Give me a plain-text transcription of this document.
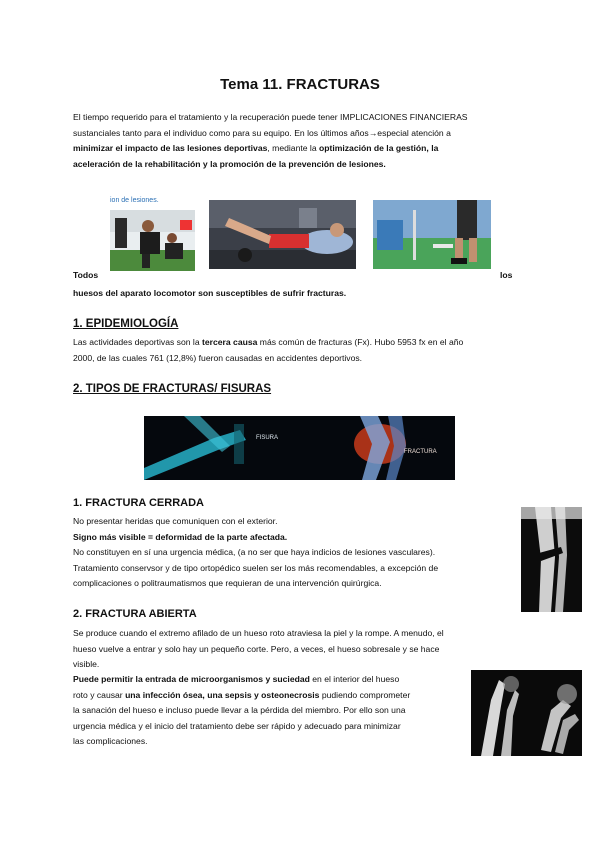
Tema 11. FRACTURAS
El tiempo requerido para el tratamiento y la recuperación puede tener IMPLICACIONES FINANCIERAS
sustanciales tanto para el individuo como para su equipo. En los últimos años→especial atención a
minimizar el impacto de las lesiones deportivas, mediante la optimización de la gestión, la
aceleración de la rehabilitación y la promoción de la prevención de lesiones.
ion de lesiones.
Todos	los
huesos del aparato locomotor son susceptibles de sufrir fracturas.
1. EPIDEMIOLOGÍA
Las actividades deportivas son la tercera causa más común de fracturas (Fx). Hubo 5953 fx en el año
2000, de las cuales 761 (12,8%) fueron causadas en accidentes deportivos.
2. TIPOS DE FRACTURAS/ FISURAS
FISURA
FRACTURA
1. FRACTURA CERRADA
No presentar heridas que comuniquen con el exterior.
Signo más visible = deformidad de la parte afectada.
No constituyen en sí una urgencia médica, (a no ser que haya indicios de lesiones vasculares).
Tratamiento conservsor y de tipo ortopédico suelen ser los más recomendables, a excepción de
complicaciones o politraumatismos que requieran de una intervención quirúrgica.
2. FRACTURA ABIERTA
Se produce cuando el extremo afilado de un hueso roto atraviesa la piel y la rompe. A menudo, el
hueso vuelve a entrar y solo hay un pequeño corte. Pero, a veces, el hueso sobresale y se hace
visible.
Puede permitir la entrada de microorganismos y suciedad en el interior del hueso
roto y causar una infección ósea, una sepsis y osteonecrosis pudiendo comprometer
la sanación del hueso e incluso puede llevar a la pérdida del miembro. Por ello son una
urgencia médica y el inicio del tratamiento debe ser rápido y adecuado para minimizar
las complicaciones.
